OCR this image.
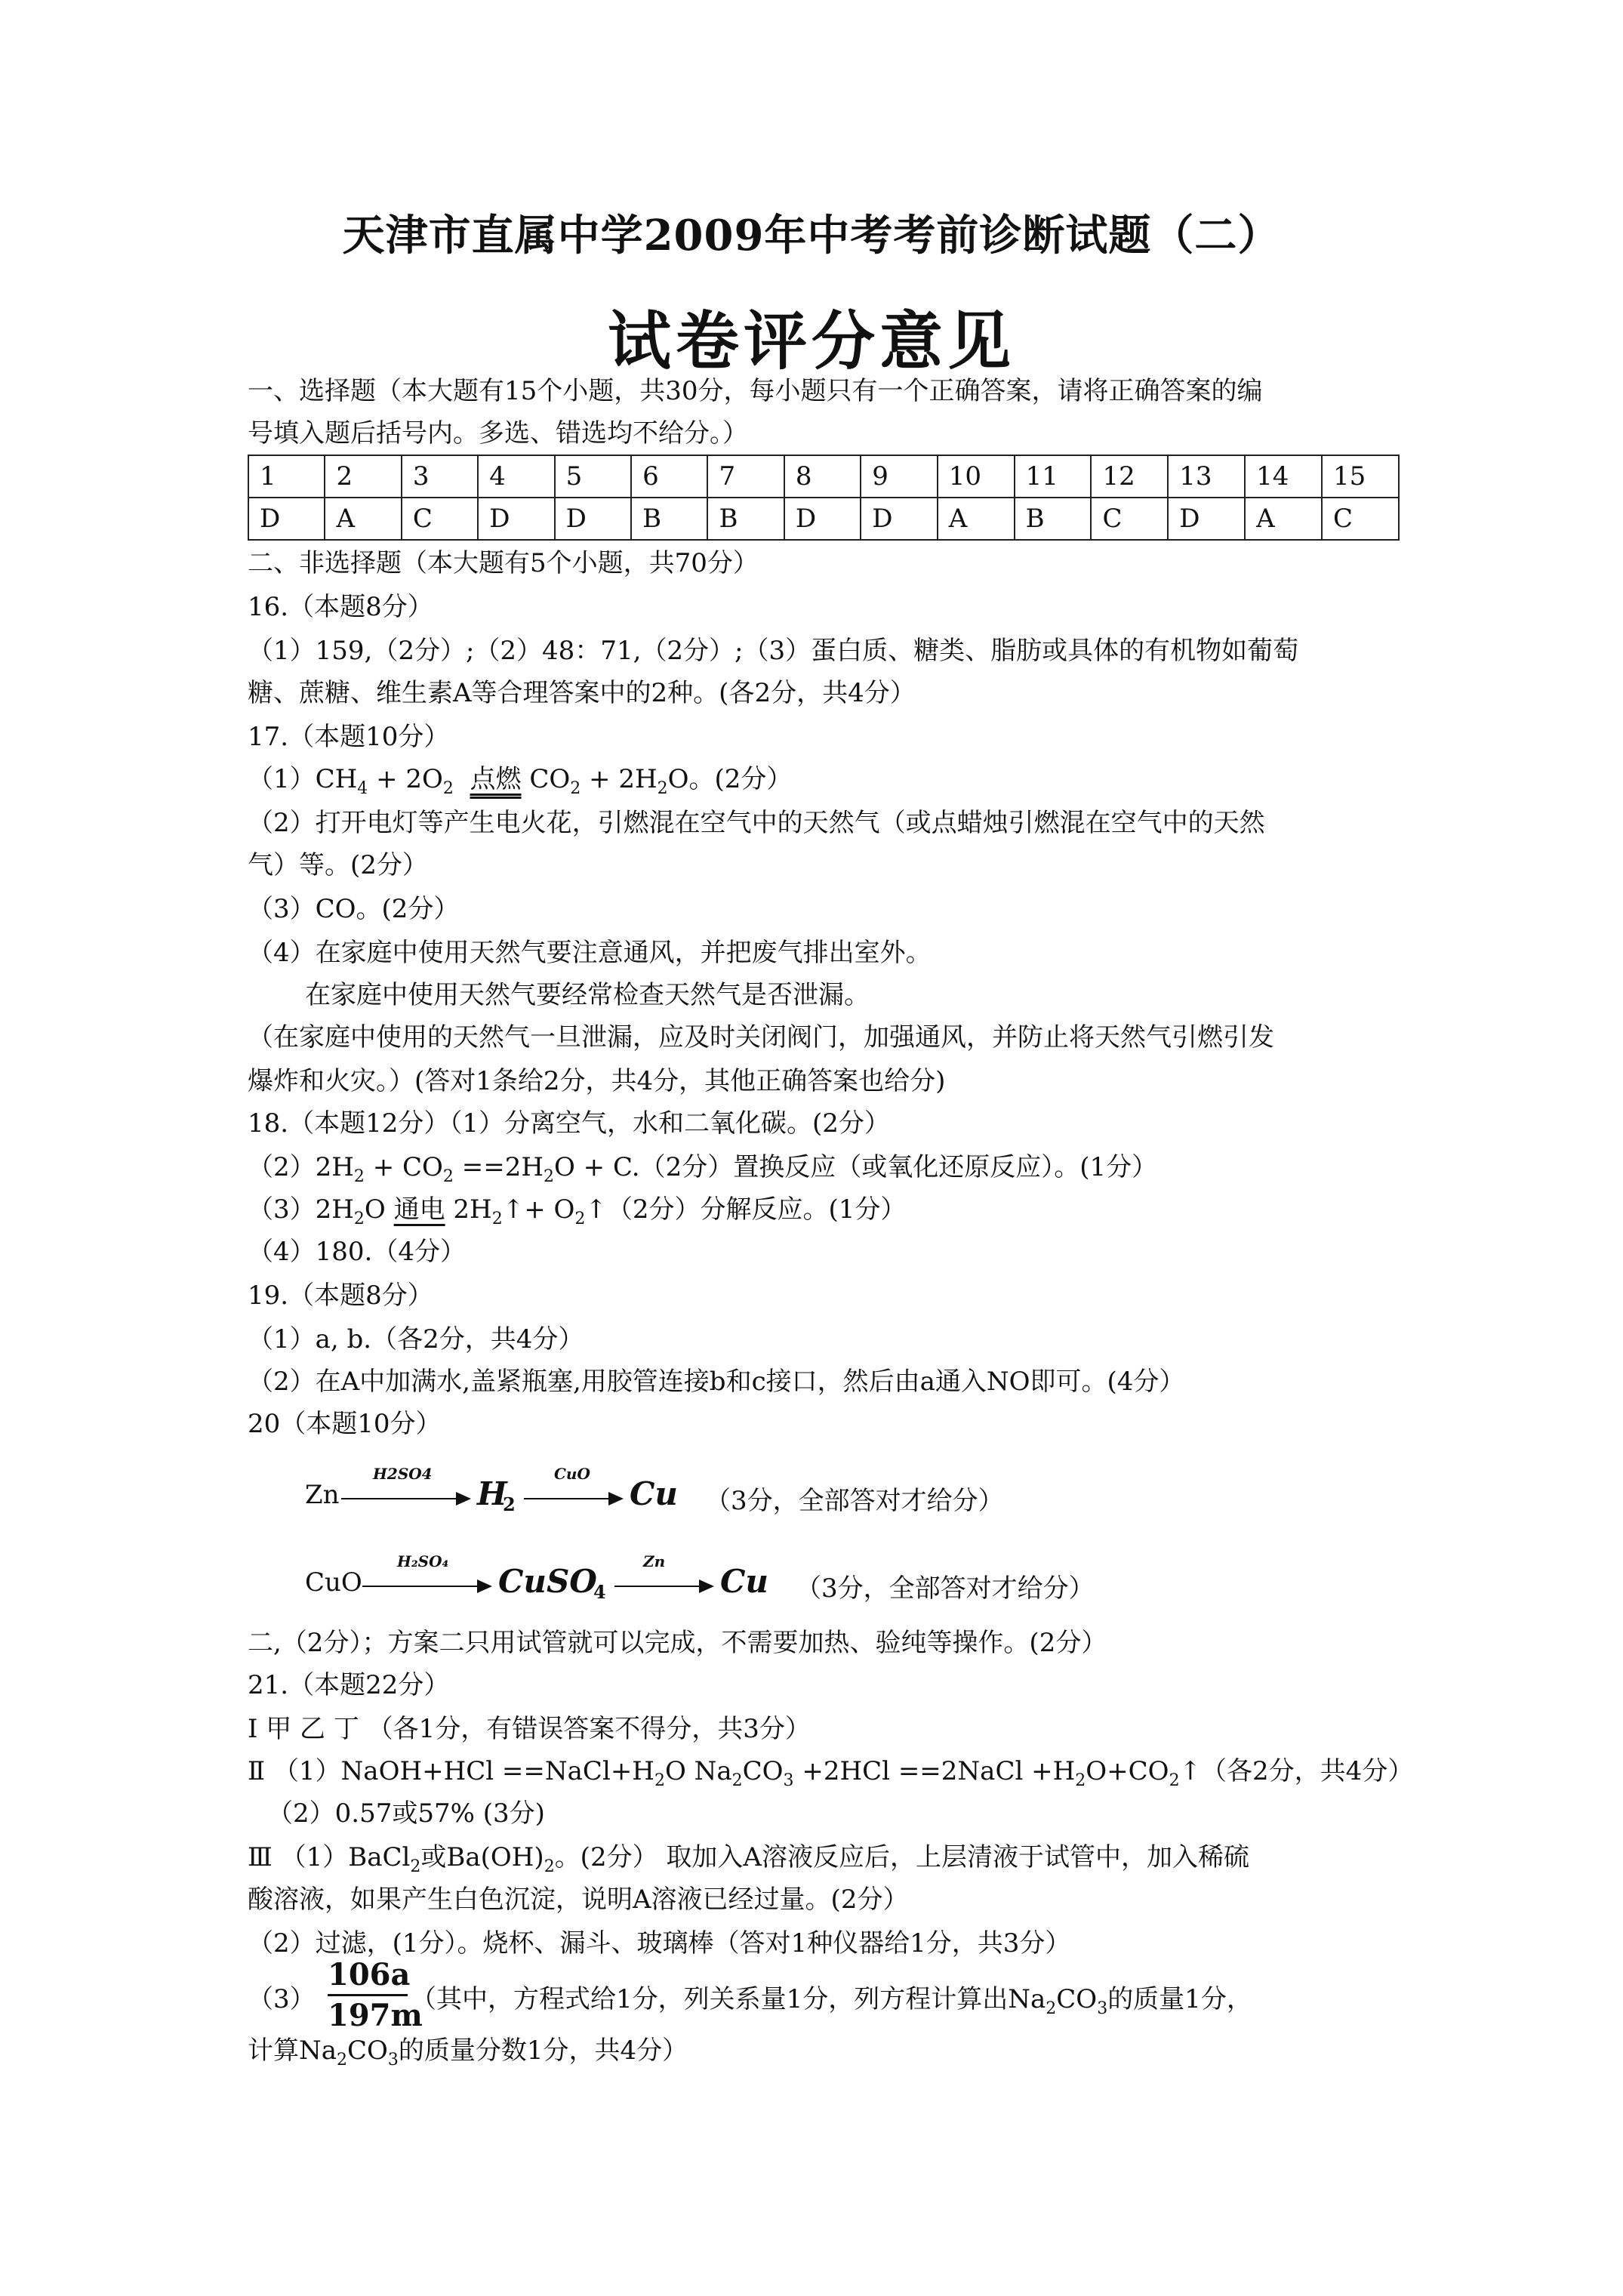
天津市直属中学2009年中考考前诊断试题（二）
试卷评分意见
一、选择题（本大题有15个小题，共30分，每小题只有一个正确答案，请将正确答案的编
号填入题后括号内。多选、错选均不给分。）
1	2	3	4	5	6	7	8	9	10	11	12	13	14	15
D	A	C	D	D	B	B	D	D	A	B	C	D	A	C
二、非选择题（本大题有5个小题，共70分）
16.（本题8分）
（1）159,（2分）;（2）48：71,（2分）;（3）蛋白质、糖类、脂肪或具体的有机物如葡萄
糖、蔗糖、维生素A等合理答案中的2种。(各2分，共4分）
17.（本题10分）
$(1)CH_4 + 2O_2$ 点燃 $CO_2 + 2H_2O$。(2分）
（2）打开电灯等产生电火花，引燃混在空气中的天然气（或点蜡烛引燃混在空气中的天然
气）等。(2分）
（3）CO。(2分）
（4）在家庭中使用天然气要注意通风，并把废气排出室外。
在家庭中使用天然气要经常检查天然气是否泄漏。
（在家庭中使用的天然气一旦泄漏，应及时关闭阀门，加强通风，并防止将天然气引燃引发
爆炸和火灾。）(答对1条给2分，共4分，其他正确答案也给分)
18.（本题12分）（1）分离空气，水和二氧化碳。(2分）
$(2)2H_2 + CO_2 ==2H_2O + C.(2$分）置换反应（或氧化还原反应）。(1分）
$(3)2H_2O$ 通电 $2H_2↑+$ $O_2↑(2$分）分解反应。(1分）
（4）180.（4分）
19.（本题8分）
（1）a, b.（各2分，共4分）
（2）在A中加满水,盖紧瓶塞,用胶管连接b和c接口，然后由a通入NO即可。(4分）
20（本题10分）
Zn
H2SO4
H
2
CuO
Cu （3分，全部答对才给分）
CuO
H₂SO₄
CuSO
4
Zn
Cu （3分，全部答对才给分）
二,（2分）；方案二只用试管就可以完成，不需要加热、验纯等操作。(2分）
21.（本题22分）
Ⅰ 甲 乙 丁 （各1分，有错误答案不得分，共3分）
Ⅱ （1）NaOH+HCl $==NaCl+H_2O$ $Na_2CO_3 +2HCl$ ==2NaCl $+H_2O+CO_2↑$（各2分，共4分）
（2）0.57或57% (3分)
Ⅲ （1）BaCl$_2$或$Ba(OH)_2$。(2分） 取加入A溶液反应后，上层清液于试管中，加入稀硫
酸溶液，如果产生白色沉淀，说明A溶液已经过量。(2分）
（2）过滤，(1分）。烧杯、漏斗、玻璃棒（答对1种仪器给1分，共3分）
$(3) \frac{106a}{197m}$ （其中，方程式给1分，列关系量1分，列方程计算出$Na_2CO_3$的质量1分，
计算$Na_2CO_3$的质量分数1分，共4分）
